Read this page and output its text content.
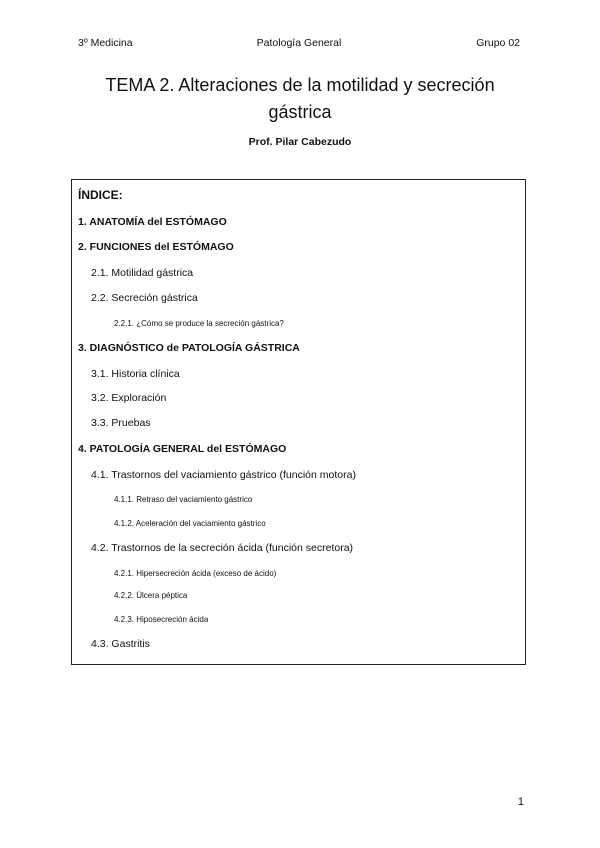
3º Medicina	Patología General	Grupo 02
TEMA 2. Alteraciones de la motilidad y secreción
gástrica
Prof. Pilar Cabezudo
ÍNDICE:
1. ANATOMÍA del ESTÓMAGO
2. FUNCIONES del ESTÓMAGO
2.1. Motilidad gástrica
2.2. Secreción gástrica
2.2.1. ¿Cómo se produce la secreción gástrica?
3. DIAGNÓSTICO de PATOLOGÍA GÁSTRICA
3.1. Historia clínica
3.2. Exploración
3.3. Pruebas
4. PATOLOGÍA GENERAL del ESTÓMAGO
4.1. Trastornos del vaciamiento gástrico (función motora)
4.1.1. Retraso del vaciamiento gástrico
4.1.2. Aceleración del vaciamiento gástrico
4.2. Trastornos de la secreción ácida (función secretora)
4.2.1. Hipersecreción ácida (exceso de ácido)
4.2.2. Úlcera péptica
4.2.3. Hiposecreción ácida
4.3. Gastritis
1
